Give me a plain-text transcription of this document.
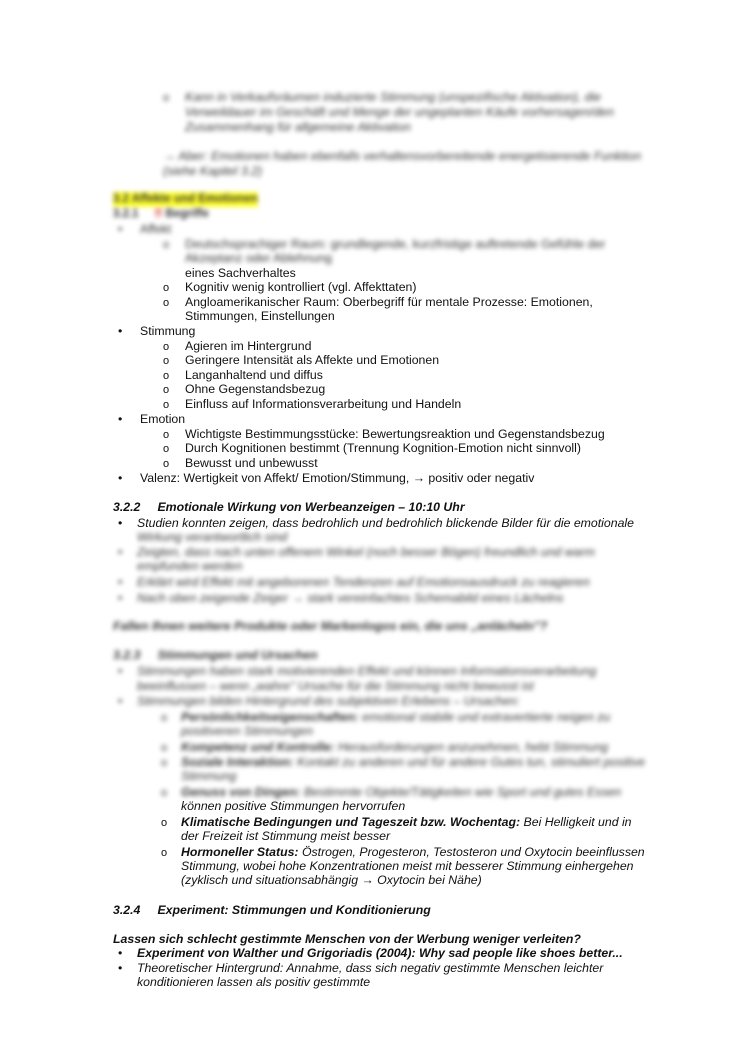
o
Kann in Verkaufsräumen induzierte Stimmung (unspezifische Aktivation), die
Verweildauer im Geschäft und Menge der ungeplanten Käufe vorhersagen/den
Zusammenhang für allgemeine Aktivation
→ Aber: Emotionen haben ebenfalls verhaltensvorbereitende energetisierende Funktion
(siehe Kapitel 3.2)
3.2 Affekte und Emotionen
3.2.1 !! Begriffe
•
Affekt
o
Deutschsprachiger Raum: grundlegende, kurzfristige auftretende Gefühle der
Akzeptanz oder Ablehnung
eines Sachverhaltes
o
Kognitiv wenig kontrolliert (vgl. Affekttaten)
o
Angloamerikanischer Raum: Oberbegriff für mentale Prozesse: Emotionen,
Stimmungen, Einstellungen
•
Stimmung
o
Agieren im Hintergrund
o
Geringere Intensität als Affekte und Emotionen
o
Langanhaltend und diffus
o
Ohne Gegenstandsbezug
o
Einfluss auf Informationsverarbeitung und Handeln
•
Emotion
o
Wichtigste Bestimmungsstücke: Bewertungsreaktion und Gegenstandsbezug
o
Durch Kognitionen bestimmt (Trennung Kognition-Emotion nicht sinnvoll)
o
Bewusst und unbewusst
•
Valenz: Wertigkeit von Affekt/ Emotion/Stimmung, → positiv oder negativ
3.2.2 Emotionale Wirkung von Werbeanzeigen – 10:10 Uhr
•
Studien konnten zeigen, dass bedrohlich und bedrohlich blickende Bilder für die emotionale
Wirkung verantwortlich sind
•
Zeigten, dass nach unten offenem Winkel (noch besser Bögen) freundlich und warm
empfunden werden
•
Erklärt wird Effekt mit angeborenen Tendenzen auf Emotionsausdruck zu reagieren
•
Nach oben zeigende Zeiger → stark vereinfachtes Schemabild eines Lächelns
Fallen Ihnen weitere Produkte oder Markenlogos ein, die uns „anlächeln"?
3.2.3 Stimmungen und Ursachen
•
Stimmungen haben stark motivierenden Effekt und können Informationsverarbeitung
beeinflussen – wenn „wahre" Ursache für die Stimmung nicht bewusst ist
•
Stimmungen bilden Hintergrund des subjektiven Erlebens – Ursachen:
o
Persönlichkeitseigenschaften: emotional stabile und extravertierte neigen zu
positiveren Stimmungen
o
Kompetenz und Kontrolle: Herausforderungen anzunehmen, hebt Stimmung
o
Soziale Interaktion: Kontakt zu anderen und für andere Gutes tun, stimuliert positive
Stimmung
o
Genuss von Dingen: Bestimmte Objekte/Tätigkeiten wie Sport und gutes Essen
können positive Stimmungen hervorrufen
o
Klimatische Bedingungen und Tageszeit bzw. Wochentag: Bei Helligkeit und in
der Freizeit ist Stimmung meist besser
o
Hormoneller Status: Östrogen, Progesteron, Testosteron und Oxytocin beeinflussen
Stimmung, wobei hohe Konzentrationen meist mit besserer Stimmung einhergehen
(zyklisch und situationsabhängig → Oxytocin bei Nähe)
3.2.4 Experiment: Stimmungen und Konditionierung
Lassen sich schlecht gestimmte Menschen von der Werbung weniger verleiten?
•
Experiment von Walther und Grigoriadis (2004): Why sad people like shoes better...
•
Theoretischer Hintergrund: Annahme, dass sich negativ gestimmte Menschen leichter
konditionieren lassen als positiv gestimmte
